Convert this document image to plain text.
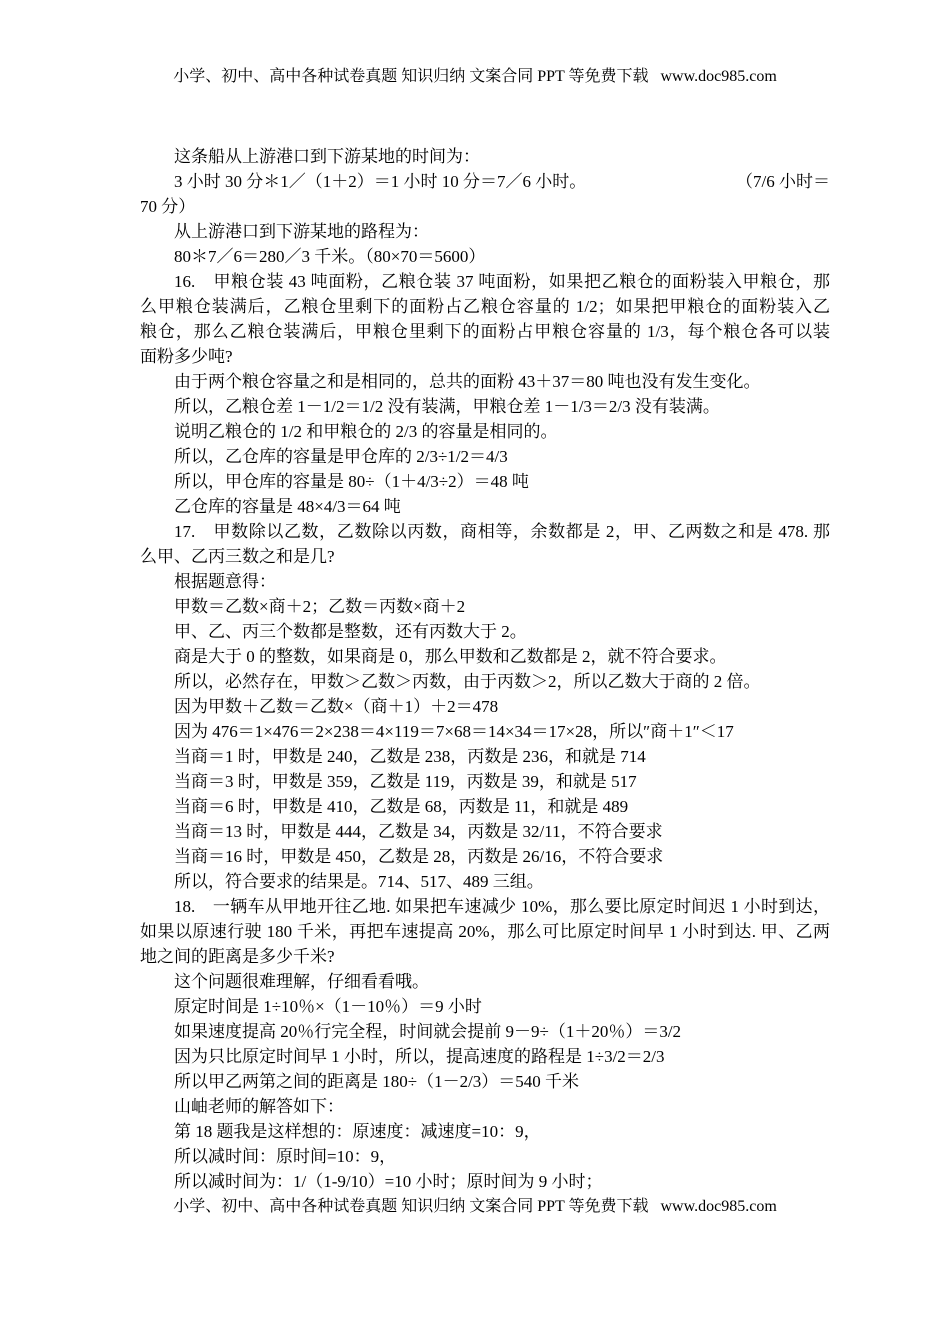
小学、初中、高中各种试卷真题 知识归纳 文案合同 PPT 等免费下载   www.doc985.com
这条船从上游港口到下游某地的时间为：
3 小时 30 分＊1／（1＋2）＝1 小时 10 分＝7／6 小时。	（7/6 小时＝
70 分）
从上游港口到下游某地的路程为：
80＊7／6＝280／3 千米。（80×70＝5600）
16.　甲粮仓装 43 吨面粉，乙粮仓装 37 吨面粉，如果把乙粮仓的面粉装入甲粮仓，那
么甲粮仓装满后，乙粮仓里剩下的面粉占乙粮仓容量的 1/2；如果把甲粮仓的面粉装入乙
粮仓，那么乙粮仓装满后，甲粮仓里剩下的面粉占甲粮仓容量的 1/3，每个粮仓各可以装
面粉多少吨?
由于两个粮仓容量之和是相同的，总共的面粉 43＋37＝80 吨也没有发生变化。
所以，乙粮仓差 1－1/2＝1/2 没有装满，甲粮仓差 1－1/3＝2/3 没有装满。
说明乙粮仓的 1/2 和甲粮仓的 2/3 的容量是相同的。
所以，乙仓库的容量是甲仓库的 2/3÷1/2＝4/3
所以，甲仓库的容量是 80÷（1＋4/3÷2）＝48 吨
乙仓库的容量是 48×4/3＝64 吨
17.　甲数除以乙数，乙数除以丙数，商相等，余数都是 2，甲、乙两数之和是 478. 那
么甲、乙丙三数之和是几?
根据题意得：
甲数＝乙数×商＋2；乙数＝丙数×商＋2
甲、乙、丙三个数都是整数，还有丙数大于 2。
商是大于 0 的整数，如果商是 0，那么甲数和乙数都是 2，就不符合要求。
所以，必然存在，甲数＞乙数＞丙数，由于丙数＞2，所以乙数大于商的 2 倍。
因为甲数＋乙数＝乙数×（商＋1）＋2＝478
因为 476＝1×476＝2×238＝4×119＝7×68＝14×34＝17×28，所以″商＋1″＜17
当商＝1 时，甲数是 240，乙数是 238，丙数是 236，和就是 714
当商＝3 时，甲数是 359，乙数是 119，丙数是 39，和就是 517
当商＝6 时，甲数是 410，乙数是 68，丙数是 11，和就是 489
当商＝13 时，甲数是 444，乙数是 34，丙数是 32/11，不符合要求
当商＝16 时，甲数是 450，乙数是 28，丙数是 26/16，不符合要求
所以，符合要求的结果是。714、517、489 三组。
18.　一辆车从甲地开往乙地. 如果把车速减少 10%，那么要比原定时间迟 1 小时到达，
如果以原速行驶 180 千米，再把车速提高 20%，那么可比原定时间早 1 小时到达. 甲、乙两
地之间的距离是多少千米?
这个问题很难理解，仔细看看哦。
原定时间是 1÷10％×（1－10％）＝9 小时
如果速度提高 20％行完全程，时间就会提前 9－9÷（1＋20％）＝3/2
因为只比原定时间早 1 小时，所以，提高速度的路程是 1÷3/2＝2/3
所以甲乙两第之间的距离是 180÷（1－2/3）＝540 千米
山岫老师的解答如下：
第 18 题我是这样想的：原速度：减速度=10：9，
所以减时间：原时间=10：9，
所以减时间为：1/（1-9/10）=10 小时；原时间为 9 小时；
小学、初中、高中各种试卷真题 知识归纳 文案合同 PPT 等免费下载   www.doc985.com
